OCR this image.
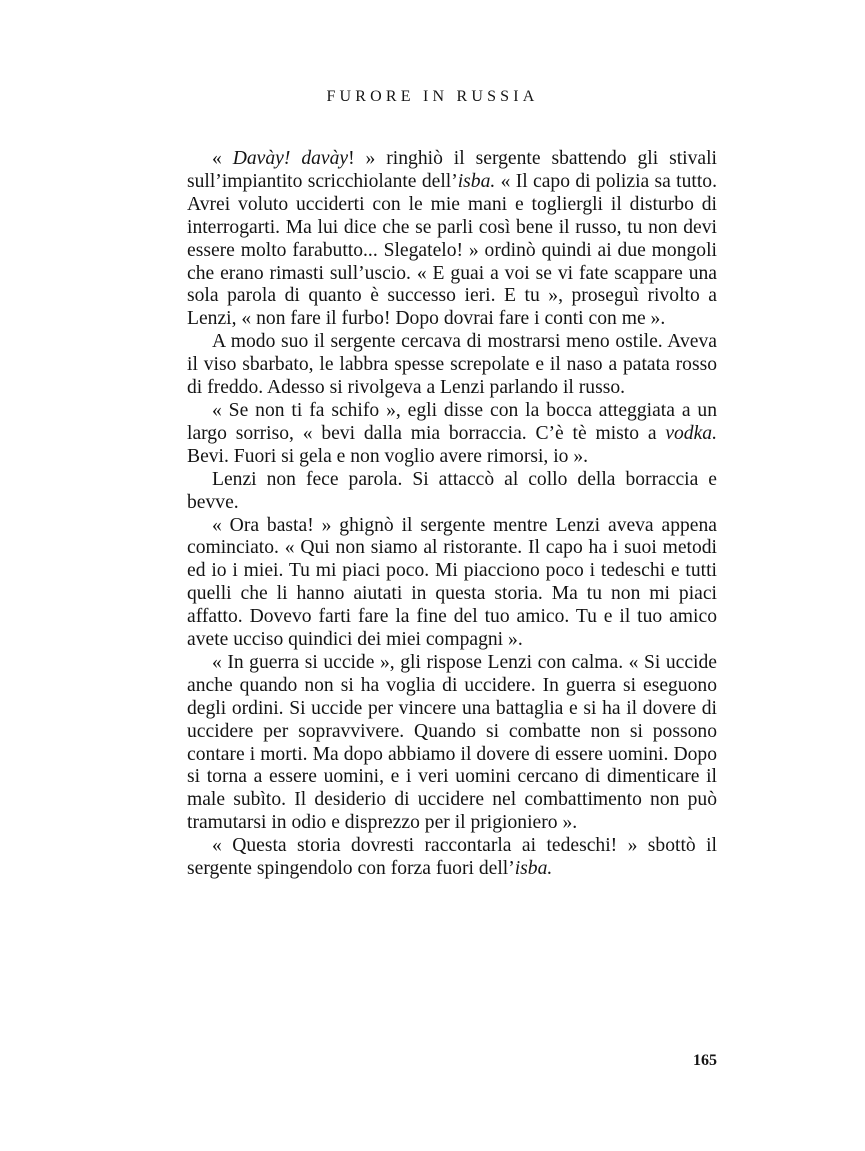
FURORE IN RUSSIA

« Davày! davày! » ringhiò il sergente sbattendo gli stivali sull’impiantito scricchiolante dell’isba. « Il capo di polizia sa tutto. Avrei voluto ucciderti con le mie mani e togliergli il disturbo di interrogarti. Ma lui dice che se parli così bene il russo, tu non devi essere molto farabutto... Slegatelo! » ordinò quindi ai due mongoli che erano rimasti sull’uscio. « E guai a voi se vi fate scappare una sola parola di quanto è successo ieri. E tu », proseguì rivolto a Lenzi, « non fare il furbo! Dopo dovrai fare i conti con me ».

A modo suo il sergente cercava di mostrarsi meno ostile. Aveva il viso sbarbato, le labbra spesse screpolate e il naso a patata rosso di freddo. Adesso si rivolgeva a Lenzi parlando il russo.

« Se non ti fa schifo », egli disse con la bocca atteggiata a un largo sorriso, « bevi dalla mia borraccia. C’è tè misto a vodka. Bevi. Fuori si gela e non voglio avere rimorsi, io ».

Lenzi non fece parola. Si attaccò al collo della borraccia e bevve.

« Ora basta! » ghignò il sergente mentre Lenzi aveva appena cominciato. « Qui non siamo al ristorante. Il capo ha i suoi metodi ed io i miei. Tu mi piaci poco. Mi piacciono poco i tedeschi e tutti quelli che li hanno aiutati in questa storia. Ma tu non mi piaci affatto. Dovevo farti fare la fine del tuo amico. Tu e il tuo amico avete ucciso quindici dei miei compagni ».

« In guerra si uccide », gli rispose Lenzi con calma. « Si uccide anche quando non si ha voglia di uccidere. In guerra si eseguono degli ordini. Si uccide per vincere una battaglia e si ha il dovere di uccidere per sopravvivere. Quando si combatte non si possono contare i morti. Ma dopo abbiamo il dovere di essere uomini. Dopo si torna a essere uomini, e i veri uomini cercano di dimenticare il male subìto. Il desiderio di uccidere nel combattimento non può tramutarsi in odio e disprezzo per il prigioniero ».

« Questa storia dovresti raccontarla ai tedeschi! » sbottò il sergente spingendolo con forza fuori dell’isba.

165
